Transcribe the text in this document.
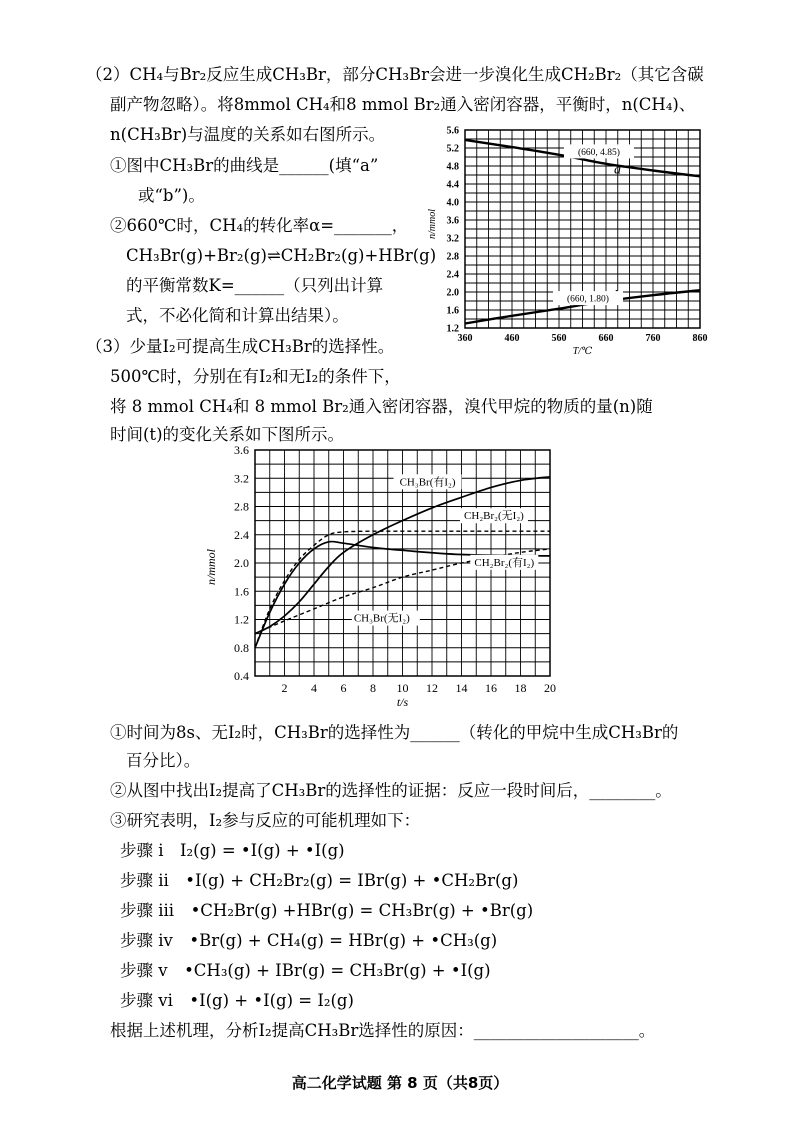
（2）CH₄与Br₂反应生成CH₃Br，部分CH₃Br会进一步溴化生成CH₂Br₂（其它含碳
副产物忽略）。将8mmol CH₄和8 mmol Br₂通入密闭容器，平衡时，n(CH₄)、
n(CH₃Br)与温度的关系如右图所示。
①图中CH₃Br的曲线是______(填“a”
或“b”)。
②660℃时，CH₄的转化率α=_______，
CH₃Br(g)+Br₂(g)⇌CH₂Br₂(g)+HBr(g)
的平衡常数K=______（只列出计算
式，不必化简和计算出结果）。
1.2
1.6
2.0
2.4
2.8
3.2
3.6
4.0
4.4
4.8
5.2
5.6
360	460	560	660	760	860
n/mmol
T/℃
a
(660, 4.85)
(660, 1.80)
（3）少量I₂可提高生成CH₃Br的选择性。
500℃时，分别在有I₂和无I₂的条件下，
将 8 mmol CH₄和 8 mmol Br₂通入密闭容器，溴代甲烷的物质的量(n)随
时间(t)的变化关系如下图所示。
0.4
0.8
1.2
1.6
2.0
2.4
2.8
3.2
3.6
2 4 6 8 10 12 14 16 18 20
n/mmol
t/s
CH₃Br(有I₂)
CH₂Br₂(无I₂)
CH₂Br₂(有I₂)
CH₃Br(无I₂)
①时间为8s、无I₂时，CH₃Br的选择性为______（转化的甲烷中生成CH₃Br的
百分比）。
②从图中找出I₂提高了CH₃Br的选择性的证据：反应一段时间后，________。
③研究表明，I₂参与反应的可能机理如下：
步骤 i　I₂(g) = •I(g) + •I(g)
步骤 ii　•I(g) + CH₂Br₂(g) = IBr(g) + •CH₂Br(g)
步骤 iii　•CH₂Br(g) +HBr(g) = CH₃Br(g) + •Br(g)
步骤 iv　•Br(g) + CH₄(g) = HBr(g) + •CH₃(g)
步骤 v　•CH₃(g) + IBr(g) = CH₃Br(g) + •I(g)
步骤 vi　•I(g) + •I(g) = I₂(g)
根据上述机理，分析I₂提高CH₃Br选择性的原因：____________________。
高二化学试题 第 8 页（共8页）
